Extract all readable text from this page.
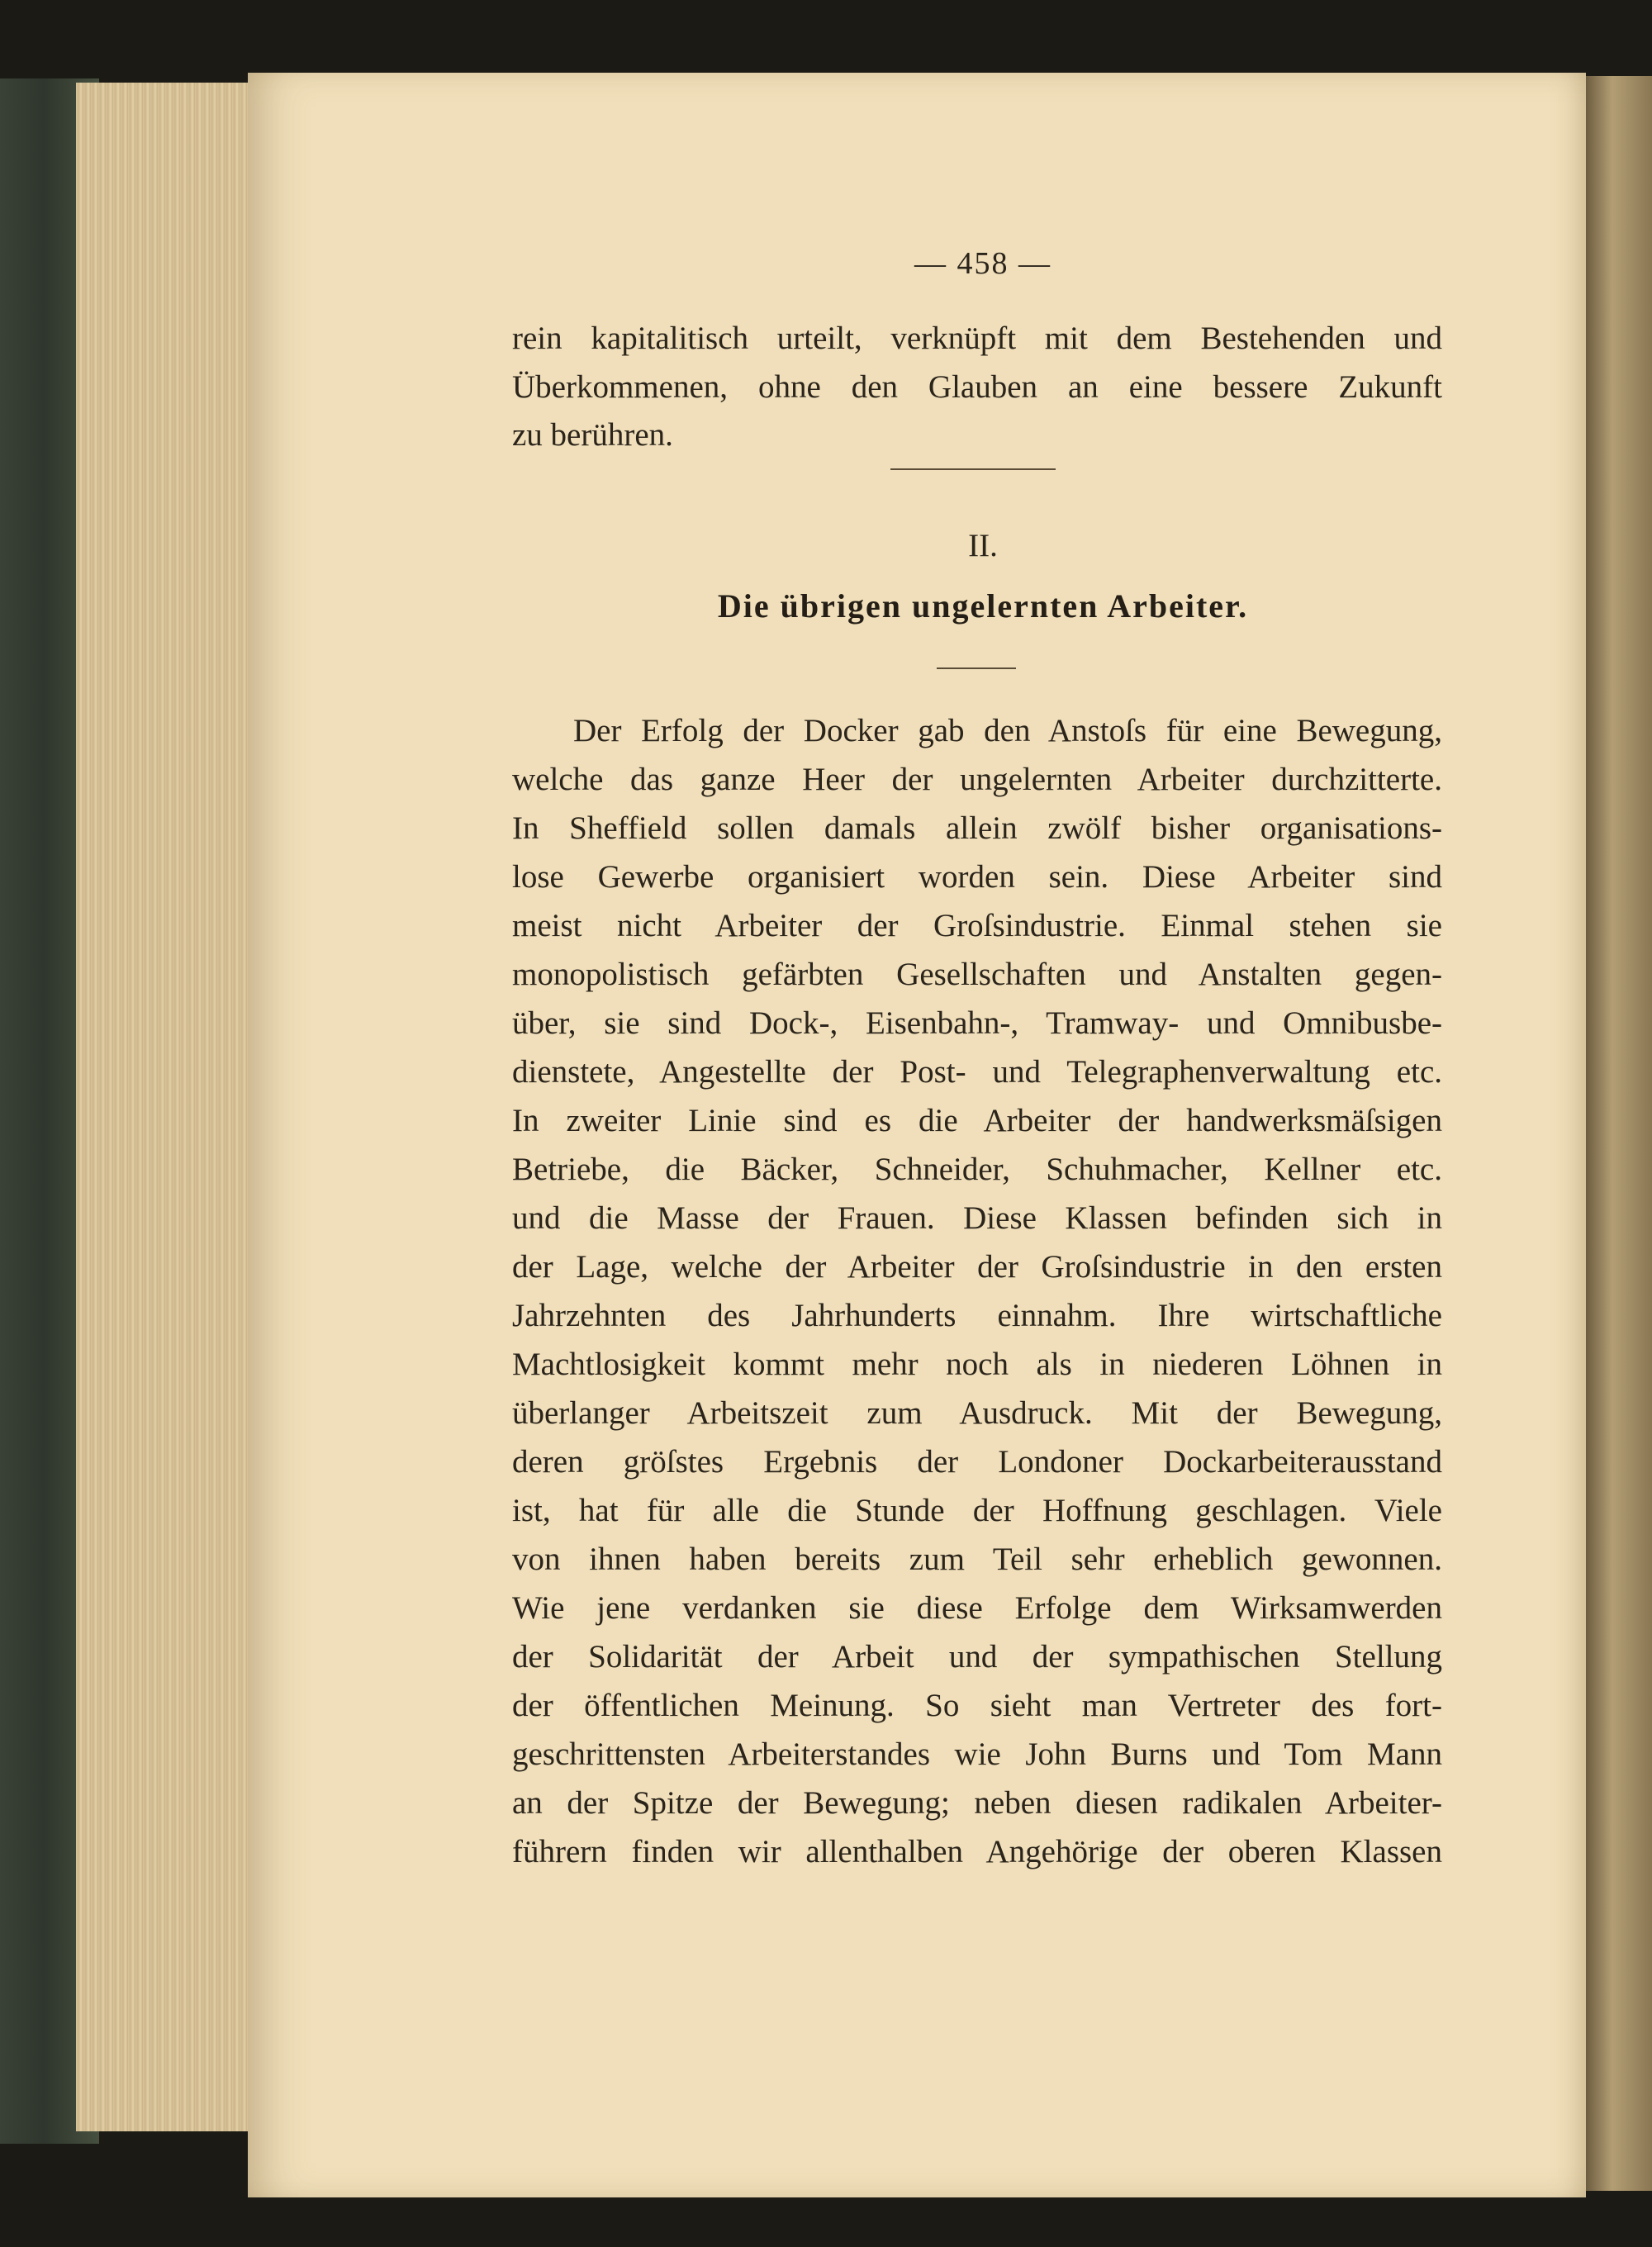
— 458 —
rein kapitalitisch urteilt, verknüpft mit dem Bestehenden und
Überkommenen, ohne den Glauben an eine bessere Zukunft
zu berühren.
II.
Die übrigen ungelernten Arbeiter.
Der Erfolg der Docker gab den Anstoſs für eine Bewegung,
welche das ganze Heer der ungelernten Arbeiter durchzitterte.
In Sheffield sollen damals allein zwölf bisher organisations-
lose Gewerbe organisiert worden sein. Diese Arbeiter sind
meist nicht Arbeiter der Groſsindustrie. Einmal stehen sie
monopolistisch gefärbten Gesellschaften und Anstalten gegen-
über, sie sind Dock-, Eisenbahn-, Tramway- und Omnibusbe-
dienstete, Angestellte der Post- und Telegraphenverwaltung etc.
In zweiter Linie sind es die Arbeiter der handwerksmäſsigen
Betriebe, die Bäcker, Schneider, Schuhmacher, Kellner etc.
und die Masse der Frauen. Diese Klassen befinden sich in
der Lage, welche der Arbeiter der Groſsindustrie in den ersten
Jahrzehnten des Jahrhunderts einnahm. Ihre wirtschaftliche
Machtlosigkeit kommt mehr noch als in niederen Löhnen in
überlanger Arbeitszeit zum Ausdruck. Mit der Bewegung,
deren gröſstes Ergebnis der Londoner Dockarbeiterausstand
ist, hat für alle die Stunde der Hoffnung geschlagen. Viele
von ihnen haben bereits zum Teil sehr erheblich gewonnen.
Wie jene verdanken sie diese Erfolge dem Wirksamwerden
der Solidarität der Arbeit und der sympathischen Stellung
der öffentlichen Meinung. So sieht man Vertreter des fort-
geschrittensten Arbeiterstandes wie John Burns und Tom Mann
an der Spitze der Bewegung; neben diesen radikalen Arbeiter-
führern finden wir allenthalben Angehörige der oberen Klassen
